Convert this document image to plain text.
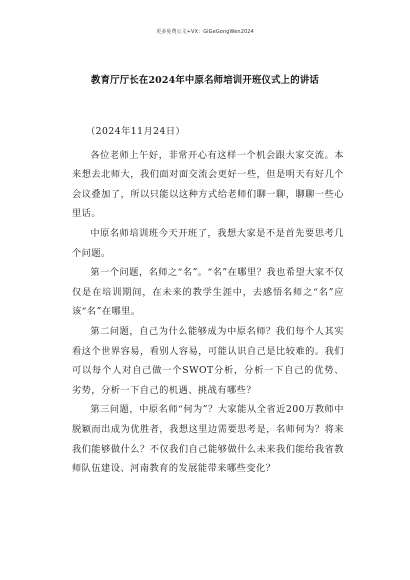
更多免费公文+VX：GiGeGongWen2024
教育厅厅长在2024年中原名师培训开班仪式上的讲话
（2024年11月24日）

各位老师上午好，非常开心有这样一个机会跟大家交流。本来想去北师大，我们面对面交流会更好一些，但是明天有好几个会议叠加了，所以只能以这种方式给老师们聊一聊，聊聊一些心里话。

中原名师培训班今天开班了，我想大家是不是首先要思考几个问题。

第一个问题，名师之“名”。“名”在哪里？我也希望大家不仅仅是在培训期间，在未来的教学生涯中，去感悟名师之“名”应该“名”在哪里。

第二问题，自己为什么能够成为中原名师？我们每个人其实看这个世界容易，看别人容易，可能认识自己是比较难的。我们可以每个人对自己做一个SWOT分析，分析一下自己的优势、劣势，分析一下自己的机遇、挑战有哪些？

第三问题，中原名师“何为”？大家能从全省近200万教师中脱颖而出成为优胜者，我想这里边需要思考是，名师何为？将来我们能够做什么？不仅我们自己能够做什么未来我们能给我省教师队伍建设、河南教育的发展能带来哪些变化？
